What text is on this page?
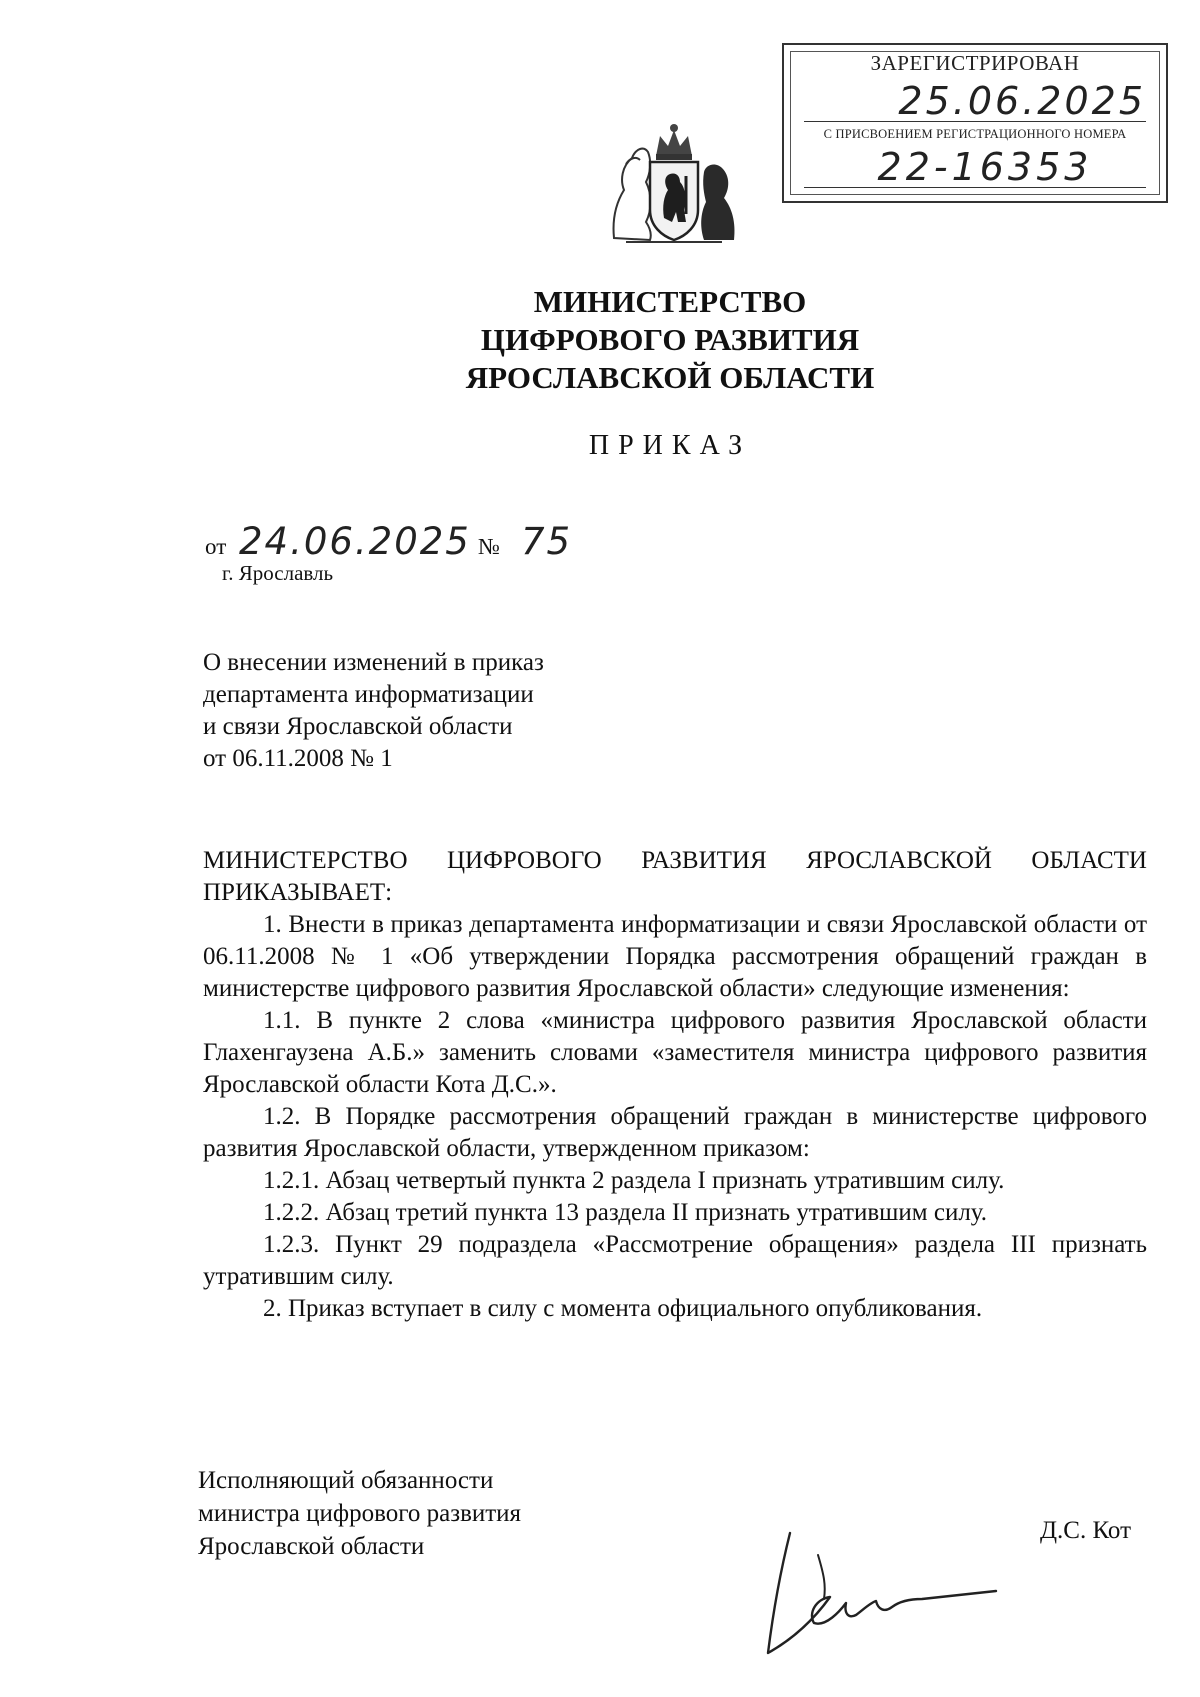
ЗАРЕГИСТРИРОВАН
25.06.2025
С ПРИСВОЕНИЕМ РЕГИСТРАЦИОННОГО НОМЕРА
22-16353
МИНИСТЕРСТВО
ЦИФРОВОГО РАЗВИТИЯ
ЯРОСЛАВСКОЙ ОБЛАСТИ
ПРИКАЗ
от 24.06.2025 № 75
г. Ярославль
О внесении изменений в приказ
департамента информатизации
и связи Ярославской области
от 06.11.2008 № 1

МИНИСТЕРСТВО ЦИФРОВОГО РАЗВИТИЯ ЯРОСЛАВСКОЙ ОБЛАСТИ ПРИКАЗЫВАЕТ:

1. Внести в приказ департамента информатизации и связи Ярославской области от 06.11.2008 № 1 «Об утверждении Порядка рассмотрения обращений граждан в министерстве цифрового развития Ярославской области» следующие изменения:

1.1. В пункте 2 слова «министра цифрового развития Ярославской области Глахенгаузена А.Б.» заменить словами «заместителя министра цифрового развития Ярославской области Кота Д.С.».

1.2. В Порядке рассмотрения обращений граждан в министерстве цифрового развития Ярославской области, утвержденном приказом:

1.2.1. Абзац четвертый пункта 2 раздела I признать утратившим силу.

1.2.2. Абзац третий пункта 13 раздела II признать утратившим силу.

1.2.3. Пункт 29 подраздела «Рассмотрение обращения» раздела III признать утратившим силу.

2. Приказ вступает в силу с момента официального опубликования.

Исполняющий обязанности
министра цифрового развития
Ярославской области
Д.С. Кот
